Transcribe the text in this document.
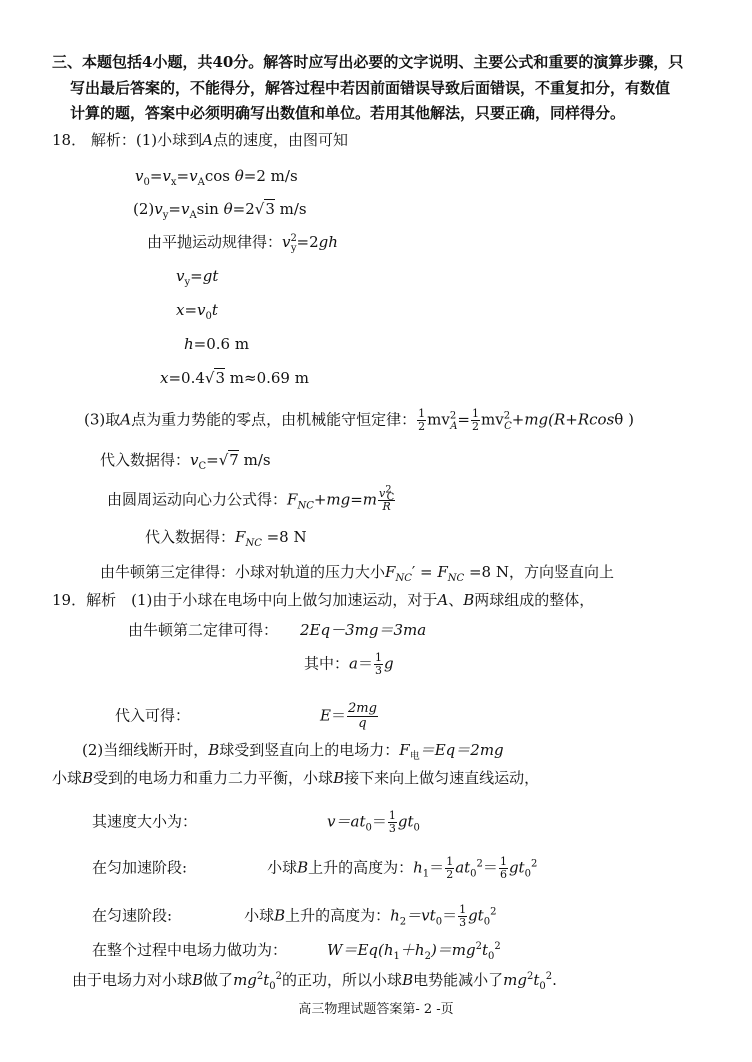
三、本题包括4小题，共40分。解答时应写出必要的文字说明、主要公式和重要的演算步骤，只
写出最后答案的，不能得分，解答过程中若因前面错误导致后面错误，不重复扣分，有数值
计算的题，答案中必须明确写出数值和单位。若用其他解法，只要正确，同样得分。
18． 解析：(1)小球到A点的速度，由图可知
$v_0=v_x=v_A\cos$ θ=2 m/s
$(2)v_y=v_A\sin$ θ=2√3 m/s
由平抛运动规律得：$v^2_y=2gh$
$v_y=gt$
$x=v_0t$
h=0.6 m
x=0.4√3 m≈0.69 m
(3)取A点为重力势能的零点，由机械能守恒定律： $\frac{1}{2} mv^2_A= \frac{1}{2} mv^2_C+mg(R+Rcos\theta$ )
代入数据得：$v_C=√7$ m/s
由圆周运动向心力公式得：$F_{NC}+mg=m \frac{v^2_C}{R}$
代入数据得：$F_{NC} =8$ N
由牛顿第三定律得：小球对轨道的压力大小$F_{NC}' = F_{NC} =8$ N，方向竖直向上
19．解析　(1)由于小球在电场中向上做匀加速运动，对于A、B两球组成的整体，
由牛顿第二定律可得： 2Eq－3mg＝3ma
其中：$a= \frac{1}{3}$ g
代入可得：	$E= \frac{2mg}{q}$
(2)当细线断开时，B球受到竖直向上的电场力：$F_电=Eq=2mg$
小球B受到的电场力和重力二力平衡，小球B接下来向上做匀速直线运动，
其速度大小为：	$v=at_0= \frac{1}{3} gt_0$
在匀加速阶段:	小球B上升的高度为：$h_1= \frac{1}{2} at_0^2= \frac{1}{6} gt_0^2$
在匀速阶段:	小球B上升的高度为：$h_2=vt_0= \frac{1}{3} gt_0^2$
在整个过程中电场力做功为：	$W=Eq(h_1+h_2)=mg^2t_0^2$
由于电场力对小球B做了$mg^2t_0^2$的正功，所以小球B电势能减小了$mg^2t_0^2$.
高三物理试题答案第- 2 -页
